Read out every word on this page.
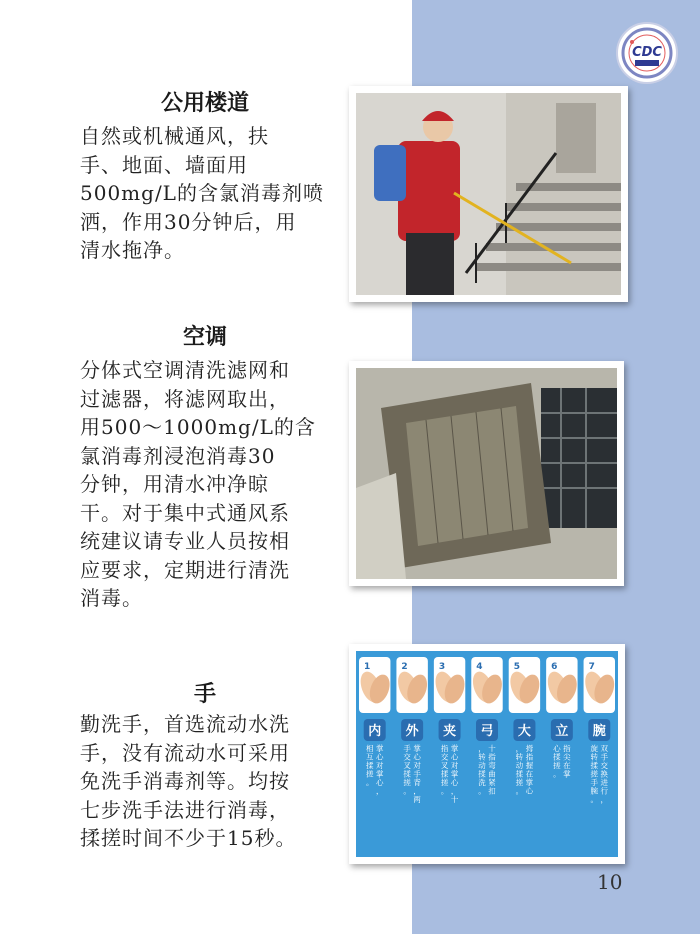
CDC
公用楼道
自然或机械通风，扶
手、地面、墙面用
500mg/L的含氯消毒剂喷
洒，作用30分钟后，用
清水拖净。
空调
分体式空调清洗滤网和
过滤器，将滤网取出，
用500～1000mg/L的含
氯消毒剂浸泡消毒30
分钟，用清水冲净晾
干。对于集中式通风系
统建议请专业人员按相
应要求，定期进行清洗
消毒。
手
勤洗手，首选流动水洗
手，没有流动水可采用
免洗手消毒剂等。均按
七步洗手法进行消毒，
揉搓时间不少于15秒。
1
内
掌心对掌心，
相互揉搓。
2
外
掌心对手背，两
手交叉揉搓。
3
夹
掌心对掌心，十
指交叉揉搓。
4
弓
十指弯曲紧扣
，转动揉洗。
5
大
拇指握在掌心
，转动揉搓。
6
立
指尖在掌
心揉搓。
7
腕
双手交换进行，
旋转揉搓手腕。
10
